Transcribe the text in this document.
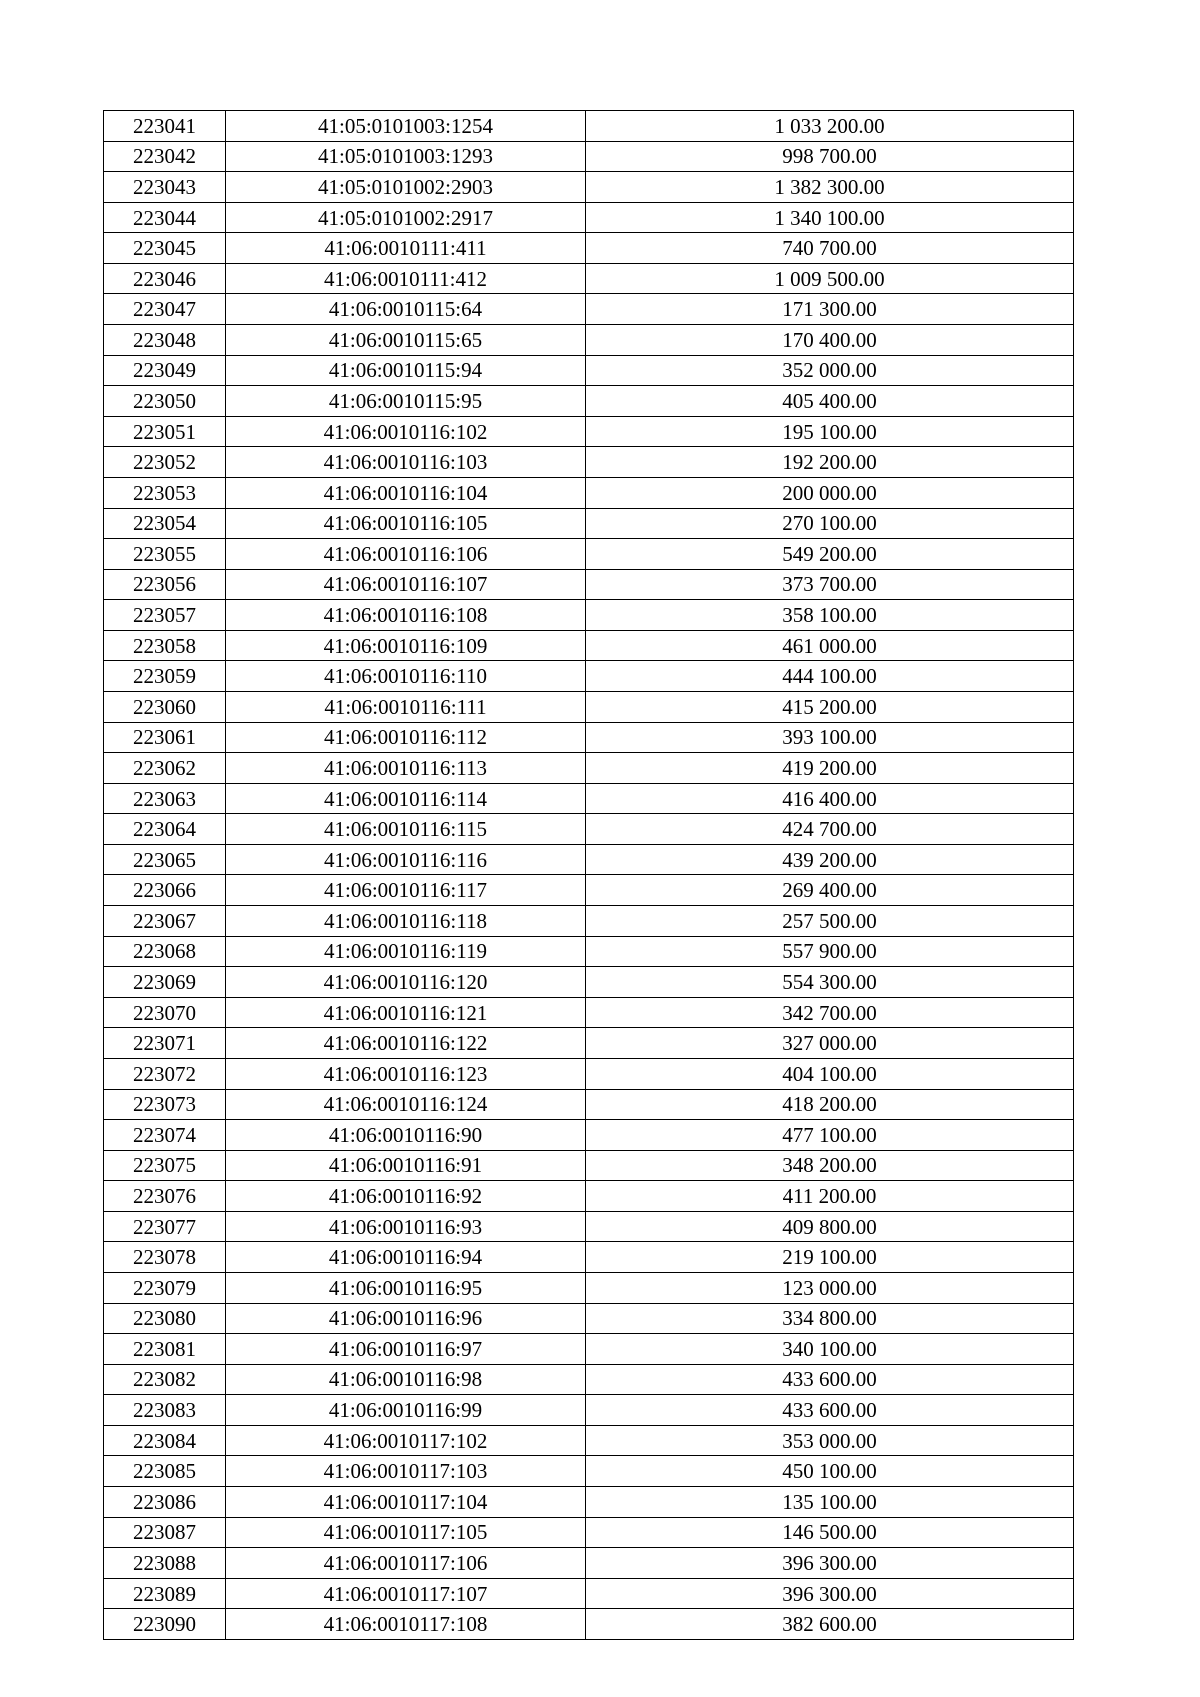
223041	41:05:0101003:1254	1 033 200.00
223042	41:05:0101003:1293	998 700.00
223043	41:05:0101002:2903	1 382 300.00
223044	41:05:0101002:2917	1 340 100.00
223045	41:06:0010111:411	740 700.00
223046	41:06:0010111:412	1 009 500.00
223047	41:06:0010115:64	171 300.00
223048	41:06:0010115:65	170 400.00
223049	41:06:0010115:94	352 000.00
223050	41:06:0010115:95	405 400.00
223051	41:06:0010116:102	195 100.00
223052	41:06:0010116:103	192 200.00
223053	41:06:0010116:104	200 000.00
223054	41:06:0010116:105	270 100.00
223055	41:06:0010116:106	549 200.00
223056	41:06:0010116:107	373 700.00
223057	41:06:0010116:108	358 100.00
223058	41:06:0010116:109	461 000.00
223059	41:06:0010116:110	444 100.00
223060	41:06:0010116:111	415 200.00
223061	41:06:0010116:112	393 100.00
223062	41:06:0010116:113	419 200.00
223063	41:06:0010116:114	416 400.00
223064	41:06:0010116:115	424 700.00
223065	41:06:0010116:116	439 200.00
223066	41:06:0010116:117	269 400.00
223067	41:06:0010116:118	257 500.00
223068	41:06:0010116:119	557 900.00
223069	41:06:0010116:120	554 300.00
223070	41:06:0010116:121	342 700.00
223071	41:06:0010116:122	327 000.00
223072	41:06:0010116:123	404 100.00
223073	41:06:0010116:124	418 200.00
223074	41:06:0010116:90	477 100.00
223075	41:06:0010116:91	348 200.00
223076	41:06:0010116:92	411 200.00
223077	41:06:0010116:93	409 800.00
223078	41:06:0010116:94	219 100.00
223079	41:06:0010116:95	123 000.00
223080	41:06:0010116:96	334 800.00
223081	41:06:0010116:97	340 100.00
223082	41:06:0010116:98	433 600.00
223083	41:06:0010116:99	433 600.00
223084	41:06:0010117:102	353 000.00
223085	41:06:0010117:103	450 100.00
223086	41:06:0010117:104	135 100.00
223087	41:06:0010117:105	146 500.00
223088	41:06:0010117:106	396 300.00
223089	41:06:0010117:107	396 300.00
223090	41:06:0010117:108	382 600.00
